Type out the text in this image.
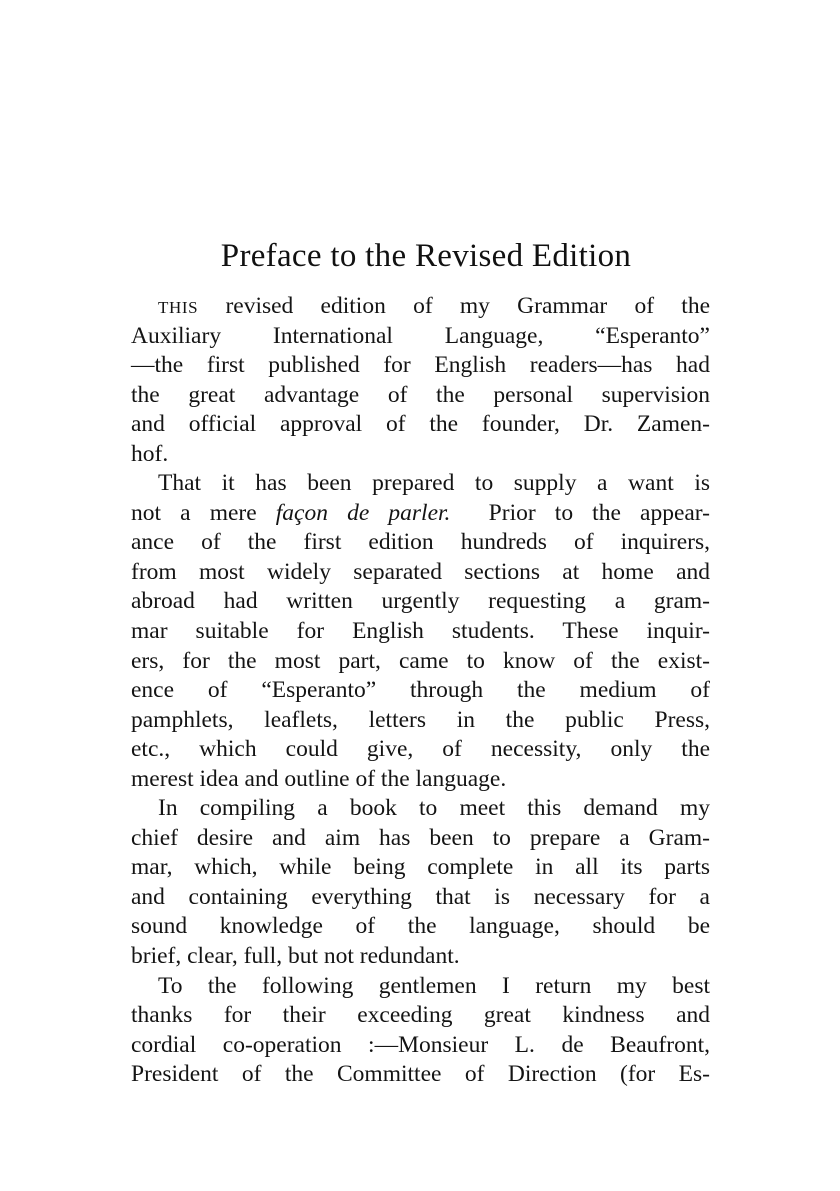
Preface to the Revised Edition
THIS revised edition of my Grammar of the
Auxiliary International Language, “Esperanto”
—the first published for English readers—has had
the great advantage of the personal supervision
and official approval of the founder, Dr. Zamen-
hof.
That it has been prepared to supply a want is
not a mere façon de parler.  Prior to the appear-
ance of the first edition hundreds of inquirers,
from most widely separated sections at home and
abroad had written urgently requesting a gram-
mar suitable for English students. These inquir-
ers, for the most part, came to know of the exist-
ence of “Esperanto” through the medium of
pamphlets, leaflets, letters in the public Press,
etc., which could give, of necessity, only the
merest idea and outline of the language.
In compiling a book to meet this demand my
chief desire and aim has been to prepare a Gram-
mar, which, while being complete in all its parts
and containing everything that is necessary for a
sound knowledge of the language, should be
brief, clear, full, but not redundant.
To the following gentlemen I return my best
thanks for their exceeding great kindness and
cordial co-operation :—Monsieur L. de Beaufront,
President of the Committee of Direction (for Es-
